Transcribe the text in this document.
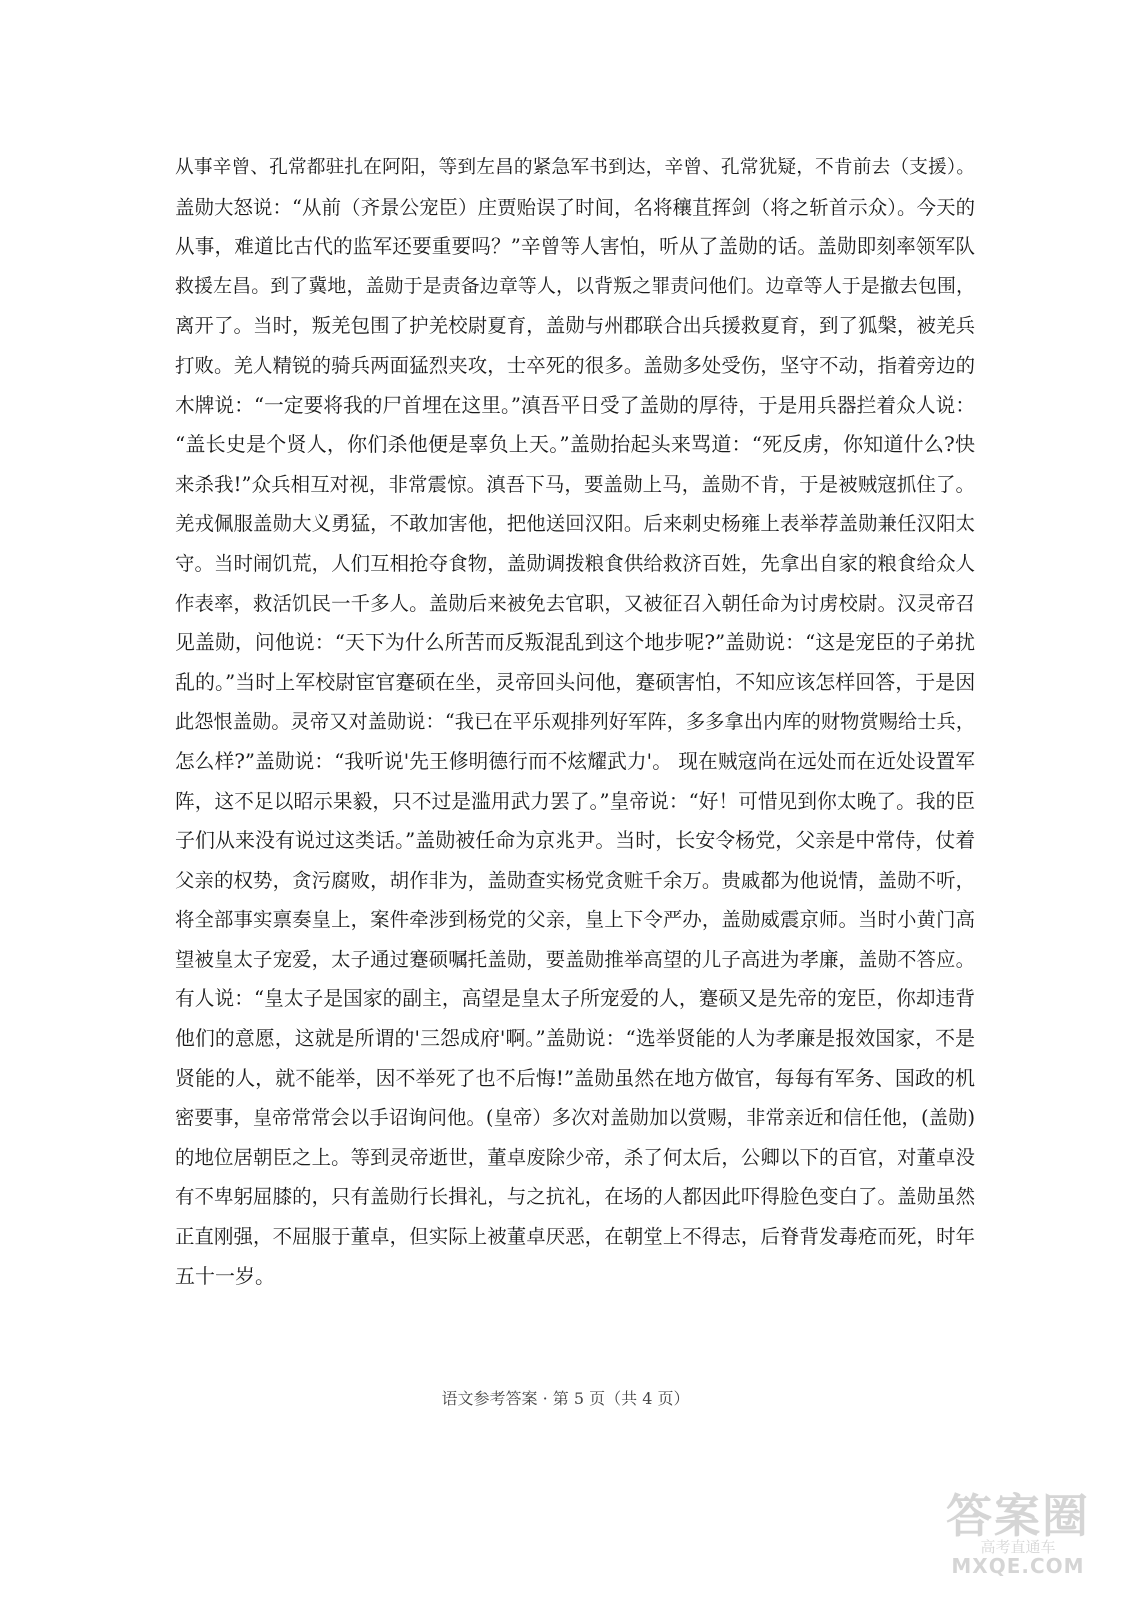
从事辛曾、孔常都驻扎在阿阳，等到左昌的紧急军书到达，辛曾、孔常犹疑，不肯前去（支援）。
盖勋大怒说：“从前（齐景公宠臣）庄贾贻误了时间，名将穰苴挥剑（将之斩首示众）。今天的
从事，难道比古代的监军还要重要吗？”辛曾等人害怕，听从了盖勋的话。盖勋即刻率领军队
救援左昌。到了冀地，盖勋于是责备边章等人，以背叛之罪责问他们。边章等人于是撤去包围，
离开了。当时，叛羌包围了护羌校尉夏育，盖勋与州郡联合出兵援救夏育，到了狐槃，被羌兵
打败。羌人精锐的骑兵两面猛烈夹攻，士卒死的很多。盖勋多处受伤，坚守不动，指着旁边的
木牌说：“一定要将我的尸首埋在这里。”滇吾平日受了盖勋的厚待，于是用兵器拦着众人说：
“盖长史是个贤人，你们杀他便是辜负上天。”盖勋抬起头来骂道：“死反虏，你知道什么?快
来杀我!”众兵相互对视，非常震惊。滇吾下马，要盖勋上马，盖勋不肯，于是被贼寇抓住了。
羌戎佩服盖勋大义勇猛，不敢加害他，把他送回汉阳。后来刺史杨雍上表举荐盖勋兼任汉阳太
守。当时闹饥荒，人们互相抢夺食物，盖勋调拨粮食供给救济百姓，先拿出自家的粮食给众人
作表率，救活饥民一千多人。盖勋后来被免去官职，又被征召入朝任命为讨虏校尉。汉灵帝召
见盖勋，问他说：“天下为什么所苦而反叛混乱到这个地步呢?”盖勋说：“这是宠臣的子弟扰
乱的。”当时上军校尉宦官蹇硕在坐，灵帝回头问他，蹇硕害怕，不知应该怎样回答，于是因
此怨恨盖勋。灵帝又对盖勋说：“我已在平乐观排列好军阵，多多拿出内库的财物赏赐给士兵，
怎么样?”盖勋说：“我听说'先王修明德行而不炫耀武力'。 现在贼寇尚在远处而在近处设置军
阵，这不足以昭示果毅，只不过是滥用武力罢了。”皇帝说：“好！可惜见到你太晚了。我的臣
子们从来没有说过这类话。”盖勋被任命为京兆尹。当时，长安令杨党，父亲是中常侍，仗着
父亲的权势，贪污腐败，胡作非为，盖勋查实杨党贪赃千余万。贵戚都为他说情，盖勋不听，
将全部事实禀奏皇上，案件牵涉到杨党的父亲，皇上下令严办，盖勋威震京师。当时小黄门高
望被皇太子宠爱，太子通过蹇硕嘱托盖勋，要盖勋推举高望的儿子高进为孝廉，盖勋不答应。
有人说：“皇太子是国家的副主，高望是皇太子所宠爱的人，蹇硕又是先帝的宠臣，你却违背
他们的意愿，这就是所谓的'三怨成府'啊。”盖勋说：“选举贤能的人为孝廉是报效国家，不是
贤能的人，就不能举，因不举死了也不后悔!”盖勋虽然在地方做官，每每有军务、国政的机
密要事，皇帝常常会以手诏询问他。(皇帝）多次对盖勋加以赏赐，非常亲近和信任他，(盖勋)
的地位居朝臣之上。等到灵帝逝世，董卓废除少帝，杀了何太后，公卿以下的百官，对董卓没
有不卑躬屈膝的，只有盖勋行长揖礼，与之抗礼，在场的人都因此吓得脸色变白了。盖勋虽然
正直刚强，不屈服于董卓，但实际上被董卓厌恶，在朝堂上不得志，后脊背发毒疮而死，时年
五十一岁。
语文参考答案 · 第 5 页（共 4 页）
答案圈
高考直通车
MXQE.COM
